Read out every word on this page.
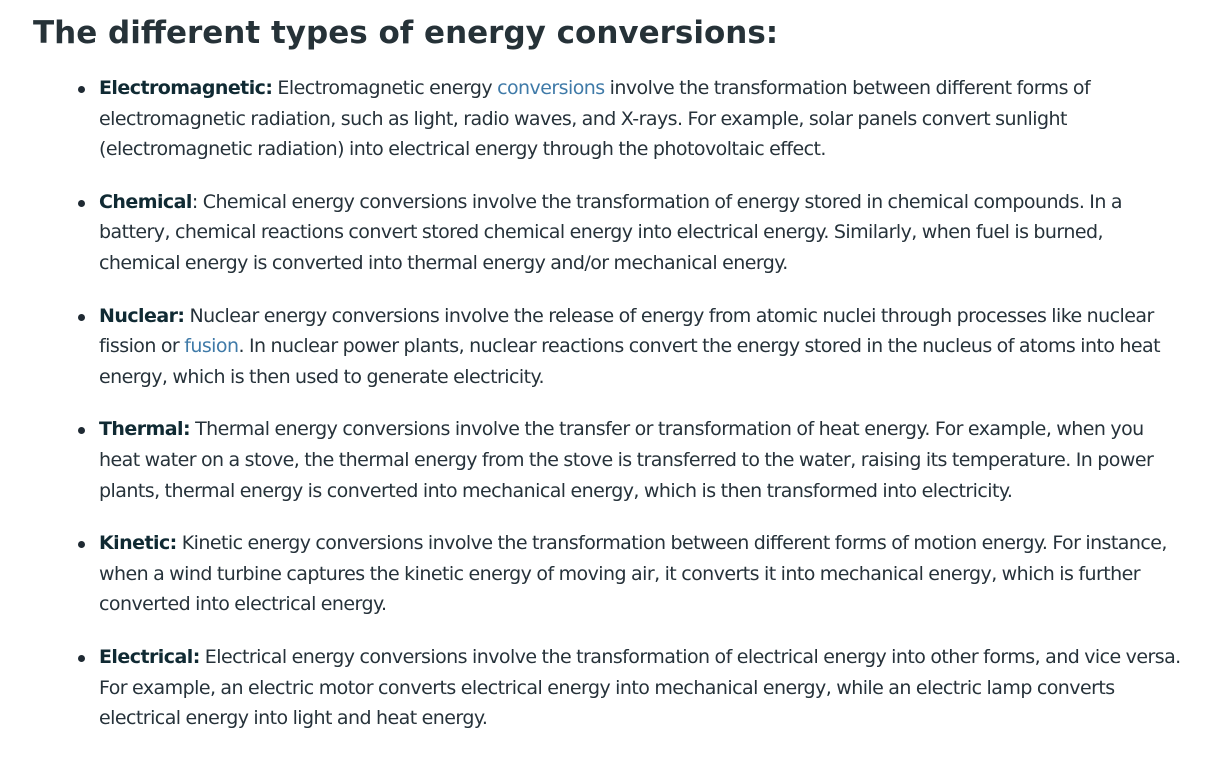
The different types of energy conversions:
Electromagnetic: Electromagnetic energy conversions involve the transformation between different forms of electromagnetic radiation, such as light, radio waves, and X-rays. For example, solar panels convert sunlight (electromagnetic radiation) into electrical energy through the photovoltaic effect.
Chemical: Chemical energy conversions involve the transformation of energy stored in chemical compounds. In a battery, chemical reactions convert stored chemical energy into electrical energy. Similarly, when fuel is burned, chemical energy is converted into thermal energy and/or mechanical energy.
Nuclear: Nuclear energy conversions involve the release of energy from atomic nuclei through processes like nuclear fission or fusion. In nuclear power plants, nuclear reactions convert the energy stored in the nucleus of atoms into heat energy, which is then used to generate electricity.
Thermal: Thermal energy conversions involve the transfer or transformation of heat energy. For example, when you heat water on a stove, the thermal energy from the stove is transferred to the water, raising its temperature. In power plants, thermal energy is converted into mechanical energy, which is then transformed into electricity.
Kinetic: Kinetic energy conversions involve the transformation between different forms of motion energy. For instance, when a wind turbine captures the kinetic energy of moving air, it converts it into mechanical energy, which is further converted into electrical energy.
Electrical: Electrical energy conversions involve the transformation of electrical energy into other forms, and vice versa. For example, an electric motor converts electrical energy into mechanical energy, while an electric lamp converts electrical energy into light and heat energy.
